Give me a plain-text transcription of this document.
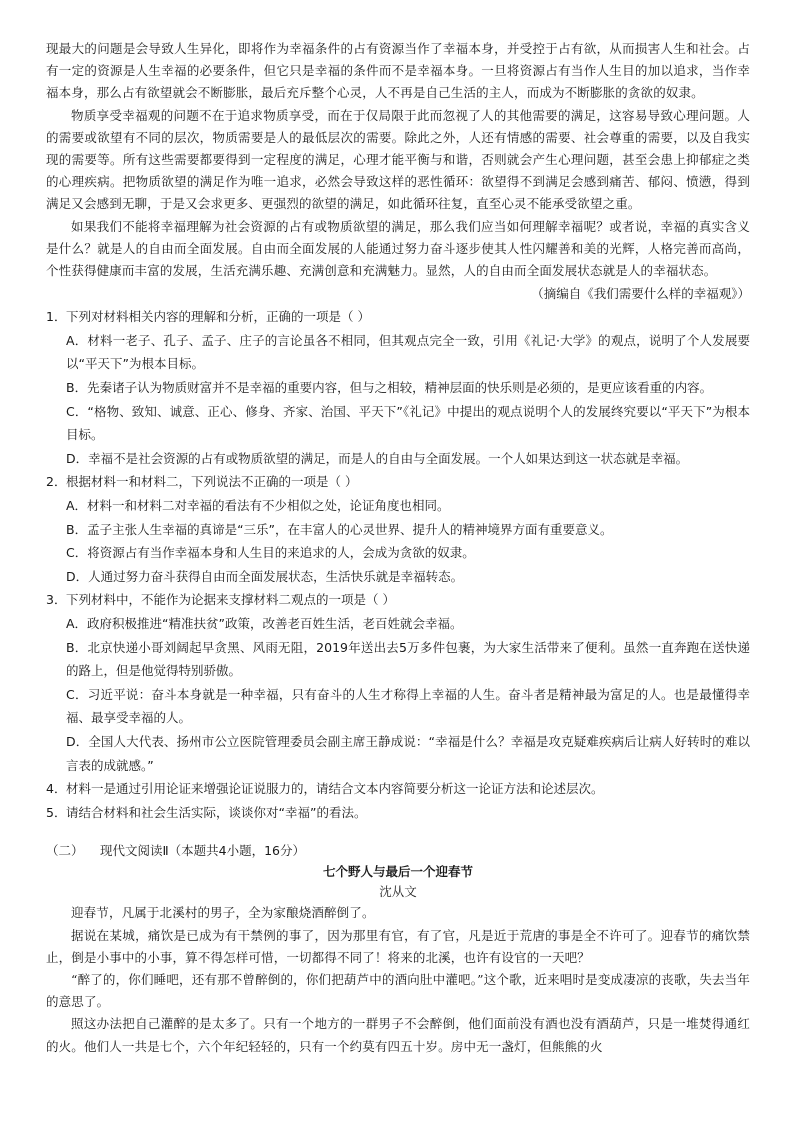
现最大的问题是会导致人生异化，即将作为幸福条件的占有资源当作了幸福本身，并受控于占有欲，从而损害人生和社会。占有一定的资源是人生幸福的必要条件，但它只是幸福的条件而不是幸福本身。一旦将资源占有当作人生目的加以追求，当作幸福本身，那么占有欲望就会不断膨胀，最后充斥整个心灵，人不再是自己生活的主人，而成为不断膨胀的贪欲的奴隶。

物质享受幸福观的问题不在于追求物质享受，而在于仅局限于此而忽视了人的其他需要的满足，这容易导致心理问题。人的需要或欲望有不同的层次，物质需要是人的最低层次的需要。除此之外，人还有情感的需要、社会尊重的需要，以及自我实现的需要等。所有这些需要都要得到一定程度的满足，心理才能平衡与和谐，否则就会产生心理问题，甚至会患上抑郁症之类的心理疾病。把物质欲望的满足作为唯一追求，必然会导致这样的恶性循环：欲望得不到满足会感到痛苦、郁闷、愤懑，得到满足又会感到无聊，于是又会求更多、更强烈的欲望的满足，如此循环往复，直至心灵不能承受欲望之重。

如果我们不能将幸福理解为社会资源的占有或物质欲望的满足，那么我们应当如何理解幸福呢？或者说，幸福的真实含义是什么？就是人的自由而全面发展。自由而全面发展的人能通过努力奋斗逐步使其人性闪耀善和美的光辉，人格完善而高尚，个性获得健康而丰富的发展，生活充满乐趣、充满创意和充满魅力。显然，人的自由而全面发展状态就是人的幸福状态。

（摘编自《我们需要什么样的幸福观》）

1．下列对材料相关内容的理解和分析，正确的一项是（ ）

A．材料一老子、孔子、孟子、庄子的言论虽各不相同，但其观点完全一致，引用《礼记·大学》的观点，说明了个人发展要以“平天下”为根本目标。

B．先秦诸子认为物质财富并不是幸福的重要内容，但与之相较，精神层面的快乐则是必须的，是更应该看重的内容。

C．“格物、致知、诚意、正心、修身、齐家、治国、平天下”《礼记》中提出的观点说明个人的发展终究要以“平天下”为根本目标。

D．幸福不是社会资源的占有或物质欲望的满足，而是人的自由与全面发展。一个人如果达到这一状态就是幸福。

2．根据材料一和材料二，下列说法不正确的一项是（ ）

A．材料一和材料二对幸福的看法有不少相似之处，论证角度也相同。

B．孟子主张人生幸福的真谛是“三乐”，在丰富人的心灵世界、提升人的精神境界方面有重要意义。

C．将资源占有当作幸福本身和人生目的来追求的人，会成为贪欲的奴隶。

D．人通过努力奋斗获得自由而全面发展状态，生活快乐就是幸福转态。

3．下列材料中，不能作为论据来支撑材料二观点的一项是（ ）

A．政府积极推进“精准扶贫”政策，改善老百姓生活，老百姓就会幸福。

B．北京快递小哥刘阔起早贪黑、风雨无阻，2019年送出去5万多件包裹，为大家生活带来了便利。虽然一直奔跑在送快递的路上，但是他觉得特别骄傲。

C．习近平说：奋斗本身就是一种幸福，只有奋斗的人生才称得上幸福的人生。奋斗者是精神最为富足的人。也是最懂得幸福、最享受幸福的人。

D．全国人大代表、扬州市公立医院管理委员会副主席王静成说：“幸福是什么？幸福是攻克疑难疾病后让病人好转时的难以言表的成就感。”

4．材料一是通过引用论证来增强论证说服力的，请结合文本内容简要分析这一论证方法和论述层次。

5．请结合材料和社会生活实际，谈谈你对“幸福”的看法。

（二） 现代文阅读Ⅱ（本题共4小题，16分）

七个野人与最后一个迎春节

沈从文

迎春节，凡属于北溪村的男子，全为家酿烧酒醉倒了。

据说在某城，痛饮是已成为有干禁例的事了，因为那里有官，有了官，凡是近于荒唐的事是全不许可了。迎春节的痛饮禁止，倒是小事中的小事，算不得怎样可惜，一切都得不同了！将来的北溪，也许有设官的一天吧？

“醉了的，你们睡吧，还有那不曾醉倒的，你们把葫芦中的酒向肚中灌吧。”这个歌，近来唱时是变成凄凉的丧歌，失去当年的意思了。

照这办法把自己灌醉的是太多了。只有一个地方的一群男子不会醉倒，他们面前没有酒也没有酒葫芦，只是一堆焚得通红的火。他们人一共是七个，六个年纪轻轻的，只有一个约莫有四五十岁。房中无一盏灯，但熊熊的火
